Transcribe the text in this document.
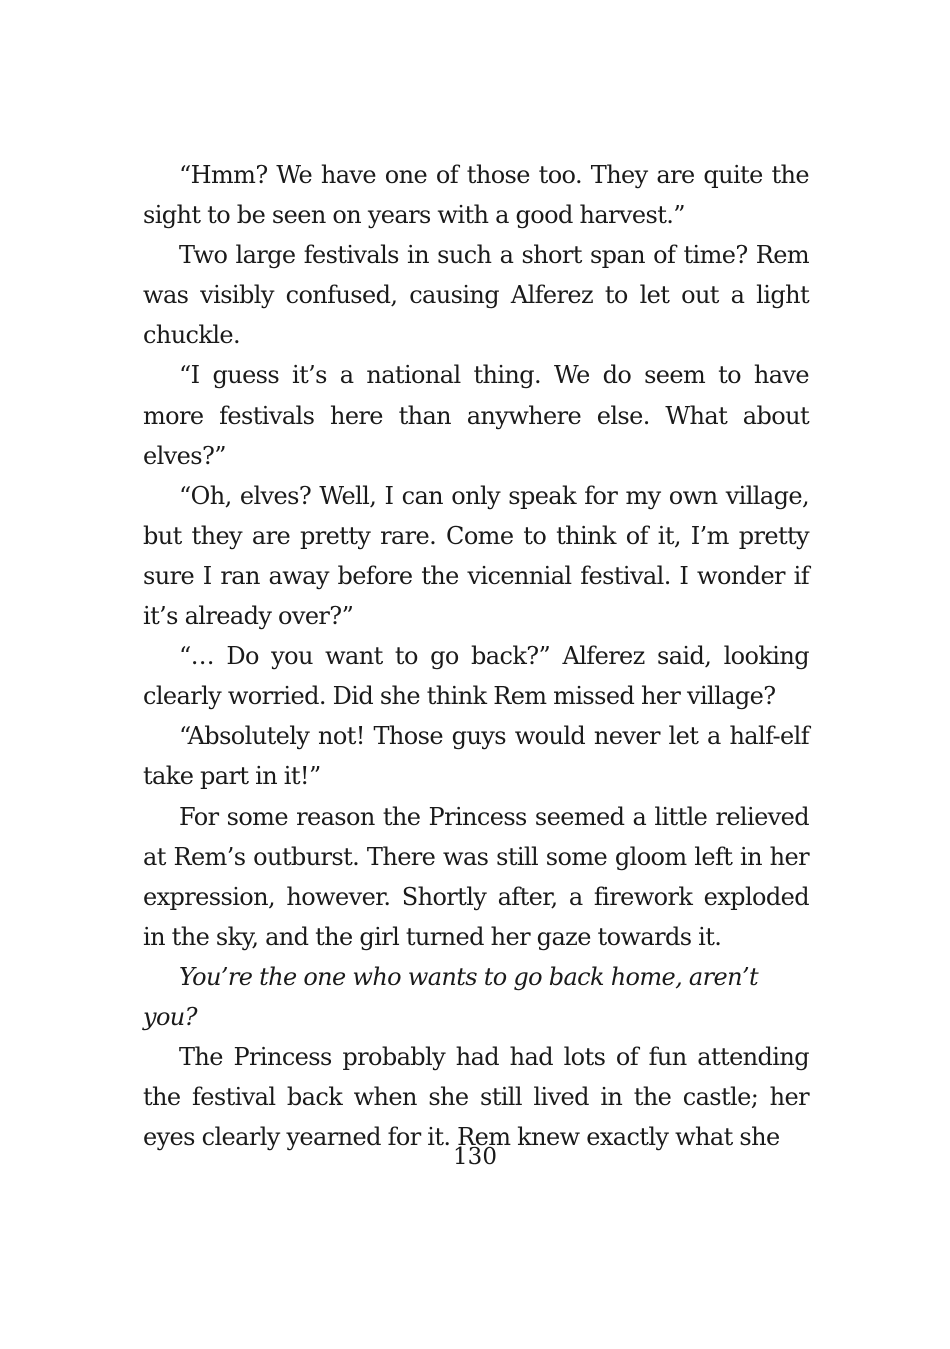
“Hmm? We have one of those too. They are quite the sight to be seen on years with a good harvest.”

Two large festivals in such a short span of time? Rem was visibly confused, causing Alferez to let out a light chuckle.

“I guess it’s a national thing. We do seem to have more festivals here than anywhere else. What about elves?”

“Oh, elves? Well, I can only speak for my own village, but they are pretty rare. Come to think of it, I’m pretty sure I ran away before the vicennial festival. I wonder if it’s already over?”

“… Do you want to go back?” Alferez said, looking clearly worried. Did she think Rem missed her village?

“Absolutely not! Those guys would never let a half-elf take part in it!”

For some reason the Princess seemed a little relieved at Rem’s outburst. There was still some gloom left in her expression, however. Shortly after, a firework exploded in the sky, and the girl turned her gaze towards it.

You’re the one who wants to go back home, aren’t you?

The Princess probably had had lots of fun attending the festival back when she still lived in the castle; her eyes clearly yearned for it. Rem knew exactly what she

130
